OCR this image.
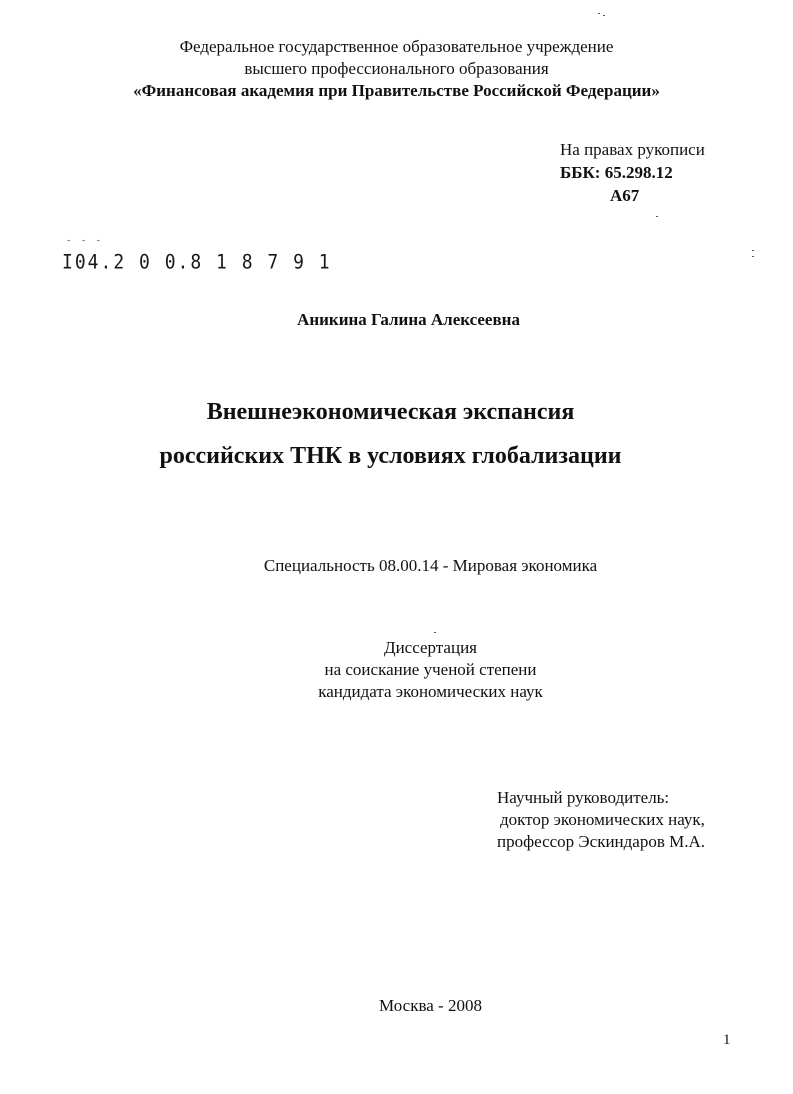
Федеральное государственное образовательное учреждение
высшего профессионального образования
«Финансовая академия при Правительстве Российской Федерации»
На правах рукописи
ББК: 65.298.12
А67
˘ ˘ ˘
I04.2 0 0.8 1 8 7 9 1
Аникина Галина Алексеевна
Внешнеэкономическая экспансия
российских ТНК в условиях глобализации
Специальность 08.00.14 - Мировая экономика
Диссертация
на соискание ученой степени
кандидата экономических наук
Научный руководитель:
доктор экономических наук,
профессор Эскиндаров М.А.
Москва - 2008
1
